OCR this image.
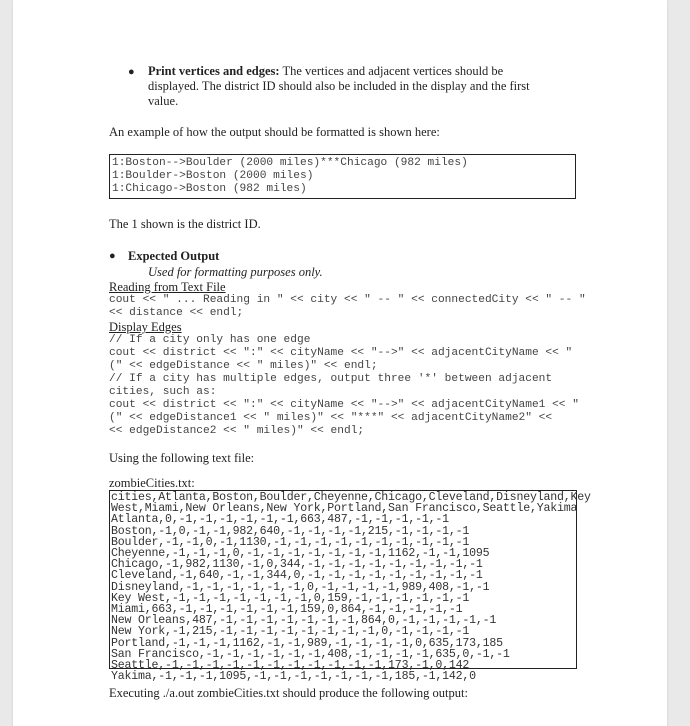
● Print vertices and edges: The vertices and adjacent vertices should be
displayed. The district ID should also be included in the display and the first
value.
An example of how the output should be formatted is shown here:
1:Boston-->Boulder (2000 miles)***Chicago (982 miles)
1:Boulder->Boston (2000 miles)
1:Chicago->Boston (982 miles)
The 1 shown is the district ID.
● Expected Output
Used for formatting purposes only.
Reading from Text File
cout << " ... Reading in " << city << " -- " << connectedCity << " -- "
<< distance << endl;
Display Edges
// If a city only has one edge
cout << district << ":" << cityName << "-->" << adjacentCityName << "
(" << edgeDistance << " miles)" << endl;
// If a city has multiple edges, output three '*' between adjacent
cities, such as:
cout << district << ":" << cityName << "-->" << adjacentCityName1 << "
(" << edgeDistance1 << " miles)" << "***" << adjacentCityName2" <<
<< edgeDistance2 << " miles)" << endl;
Using the following text file:
zombieCities.txt:
cities,Atlanta,Boston,Boulder,Cheyenne,Chicago,Cleveland,Disneyland,Key
West,Miami,New Orleans,New York,Portland,San Francisco,Seattle,Yakima
Atlanta,0,-1,-1,-1,-1,-1,-1,663,487,-1,-1,-1,-1,-1
Boston,-1,0,-1,-1,982,640,-1,-1,-1,-1,215,-1,-1,-1,-1
Boulder,-1,-1,0,-1,1130,-1,-1,-1,-1,-1,-1,-1,-1,-1,-1
Cheyenne,-1,-1,-1,0,-1,-1,-1,-1,-1,-1,-1,1162,-1,-1,1095
Chicago,-1,982,1130,-1,0,344,-1,-1,-1,-1,-1,-1,-1,-1,-1
Cleveland,-1,640,-1,-1,344,0,-1,-1,-1,-1,-1,-1,-1,-1,-1
Disneyland,-1,-1,-1,-1,-1,-1,0,-1,-1,-1,-1,989,408,-1,-1
Key West,-1,-1,-1,-1,-1,-1,-1,0,159,-1,-1,-1,-1,-1,-1
Miami,663,-1,-1,-1,-1,-1,-1,159,0,864,-1,-1,-1,-1,-1
New Orleans,487,-1,-1,-1,-1,-1,-1,-1,864,0,-1,-1,-1,-1,-1
New York,-1,215,-1,-1,-1,-1,-1,-1,-1,-1,0,-1,-1,-1,-1
Portland,-1,-1,-1,1162,-1,-1,989,-1,-1,-1,-1,0,635,173,185
San Francisco,-1,-1,-1,-1,-1,-1,408,-1,-1,-1,-1,635,0,-1,-1
Seattle,-1,-1,-1,-1,-1,-1,-1,-1,-1,-1,-1,173,-1,0,142
Yakima,-1,-1,-1,1095,-1,-1,-1,-1,-1,-1,-1,185,-1,142,0
Executing ./a.out zombieCities.txt should produce the following output:
